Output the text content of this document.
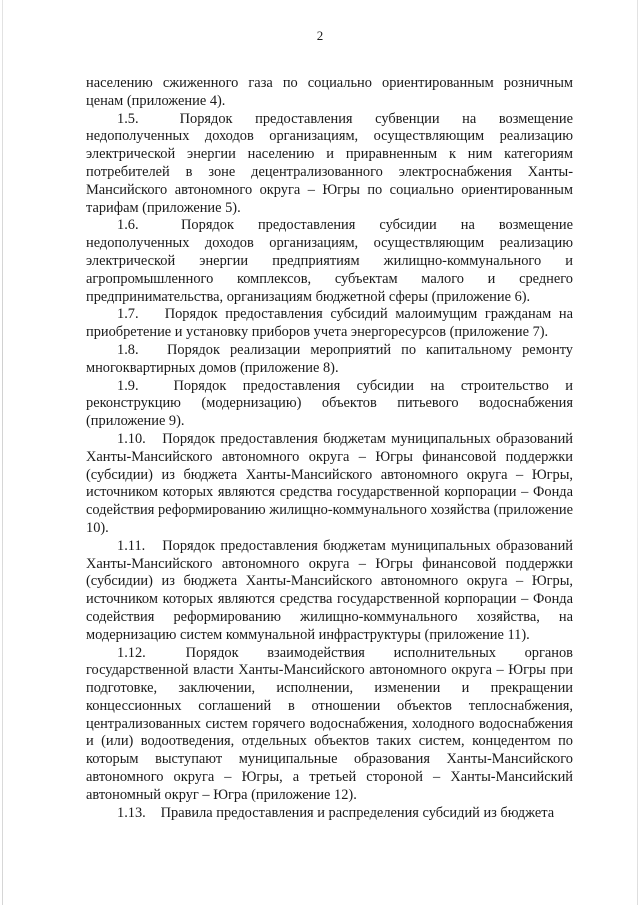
2

населению сжиженного газа по социально ориентированным розничным ценам (приложение 4).

1.5.	Порядок предоставления субвенции на возмещение недополученных доходов организациям, осуществляющим реализацию электрической энергии населению и приравненным к ним категориям потребителей в зоне децентрализованного электроснабжения Ханты-Мансийского автономного округа – Югры по социально ориентированным тарифам (приложение 5).

1.6.	Порядок предоставления субсидии на возмещение недополученных доходов организациям, осуществляющим реализацию электрической энергии предприятиям жилищно-коммунального и агропромышленного комплексов, субъектам малого и среднего предпринимательства, организациям бюджетной сферы (приложение 6).

1.7. Порядок предоставления субсидий малоимущим гражданам на приобретение и установку приборов учета энергоресурсов (приложение 7).

1.8. Порядок реализации мероприятий по капитальному ремонту многоквартирных домов (приложение 8).

1.9. Порядок предоставления субсидии на строительство и реконструкцию (модернизацию) объектов питьевого водоснабжения (приложение 9).

1.10. Порядок предоставления бюджетам муниципальных образований Ханты-Мансийского автономного округа – Югры финансовой поддержки (субсидии) из бюджета Ханты-Мансийского автономного округа – Югры, источником которых являются средства государственной корпорации – Фонда содействия реформированию жилищно-коммунального хозяйства (приложение 10).

1.11. Порядок предоставления бюджетам муниципальных образований Ханты-Мансийского автономного округа – Югры финансовой поддержки (субсидии) из бюджета Ханты-Мансийского автономного округа – Югры, источником которых являются средства государственной корпорации – Фонда содействия реформированию жилищно-коммунального хозяйства, на модернизацию систем коммунальной инфраструктуры (приложение 11).

1.12.	Порядок взаимодействия исполнительных органов государственной власти Ханты-Мансийского автономного округа – Югры при подготовке, заключении, исполнении, изменении и прекращении концессионных соглашений в отношении объектов теплоснабжения, централизованных систем горячего водоснабжения, холодного водоснабжения и (или) водоотведения, отдельных объектов таких систем, концедентом по которым выступают муниципальные образования Ханты-Мансийского автономного округа – Югры, а третьей стороной – Ханты-Мансийский автономный округ – Югра (приложение 12).

1.13. Правила предоставления и распределения субсидий из бюджета
